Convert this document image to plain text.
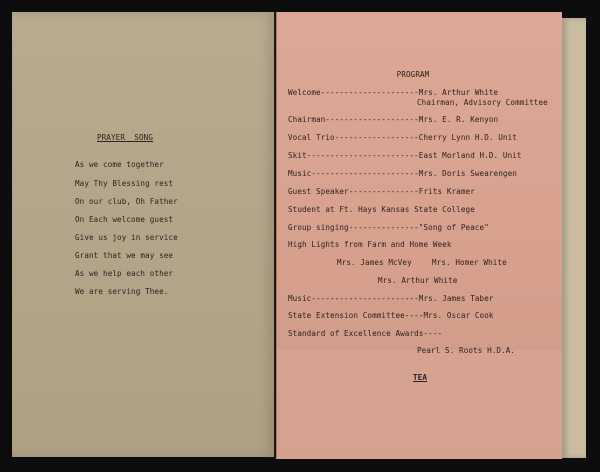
PRAYER  SONG
As we come together
May Thy Blessing rest
On our club, Oh Father
On Each welcome guest
Give us joy in service
Grant that we may see
As we help each other
We are serving Thee.
PROGRAM
Welcome---------------------Mrs. Arthur White
Chairman, Advisory Committee
Chairman--------------------Mrs. E. R. Kenyon
Vocal Trio------------------Cherry Lynn H.D. Unit
Skit------------------------East Morland H.D. Unit
Music-----------------------Mrs. Doris Swearengen
Guest Speaker---------------Frits Kramer
Student at Ft. Hays Kansas State College
Group singing---------------"Song of Peace"
High Lights from Farm and Home Week
Mrs. James McVey	Mrs. Homer White
Mrs. Arthur White
Music-----------------------Mrs. James Taber
State Extension Committee----Mrs. Oscar Cook
Standard of Excellence Awards----
Pearl S. Roots H.D.A.
TEA
